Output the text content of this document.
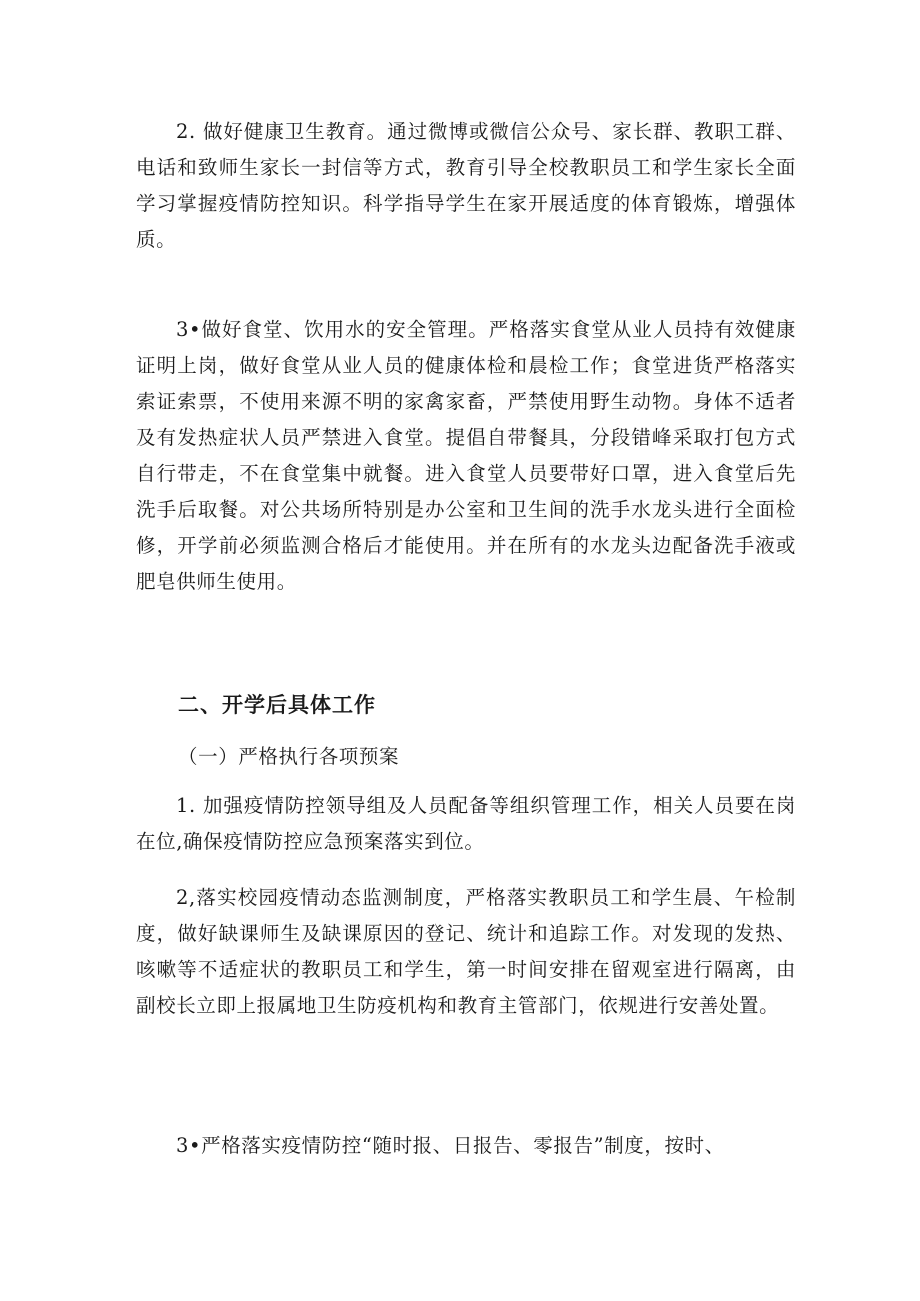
2. 做好健康卫生教育。通过微博或微信公众号、家长群、教职工群、电话和致师生家长一封信等方式，教育引导全校教职员工和学生家长全面学习掌握疫情防控知识。科学指导学生在家开展适度的体育锻炼，增强体质。

3•做好食堂、饮用水的安全管理。严格落实食堂从业人员持有效健康证明上岗，做好食堂从业人员的健康体检和晨检工作；食堂进货严格落实索证索票，不使用来源不明的家禽家畜，严禁使用野生动物。身体不适者及有发热症状人员严禁进入食堂。提倡自带餐具，分段错峰采取打包方式自行带走，不在食堂集中就餐。进入食堂人员要带好口罩，进入食堂后先洗手后取餐。对公共场所特别是办公室和卫生间的洗手水龙头进行全面检修，开学前必须监测合格后才能使用。并在所有的水龙头边配备洗手液或肥皂供师生使用。

二、开学后具体工作

（一）严格执行各项预案

1. 加强疫情防控领导组及人员配备等组织管理工作，相关人员要在岗在位,确保疫情防控应急预案落实到位。

2,落实校园疫情动态监测制度，严格落实教职员工和学生晨、午检制度，做好缺课师生及缺课原因的登记、统计和追踪工作。对发现的发热、咳嗽等不适症状的教职员工和学生，第一时间安排在留观室进行隔离，由副校长立即上报属地卫生防疫机构和教育主管部门，依规进行安善处置。

3•严格落实疫情防控“随时报、日报告、零报告”制度，按时、
